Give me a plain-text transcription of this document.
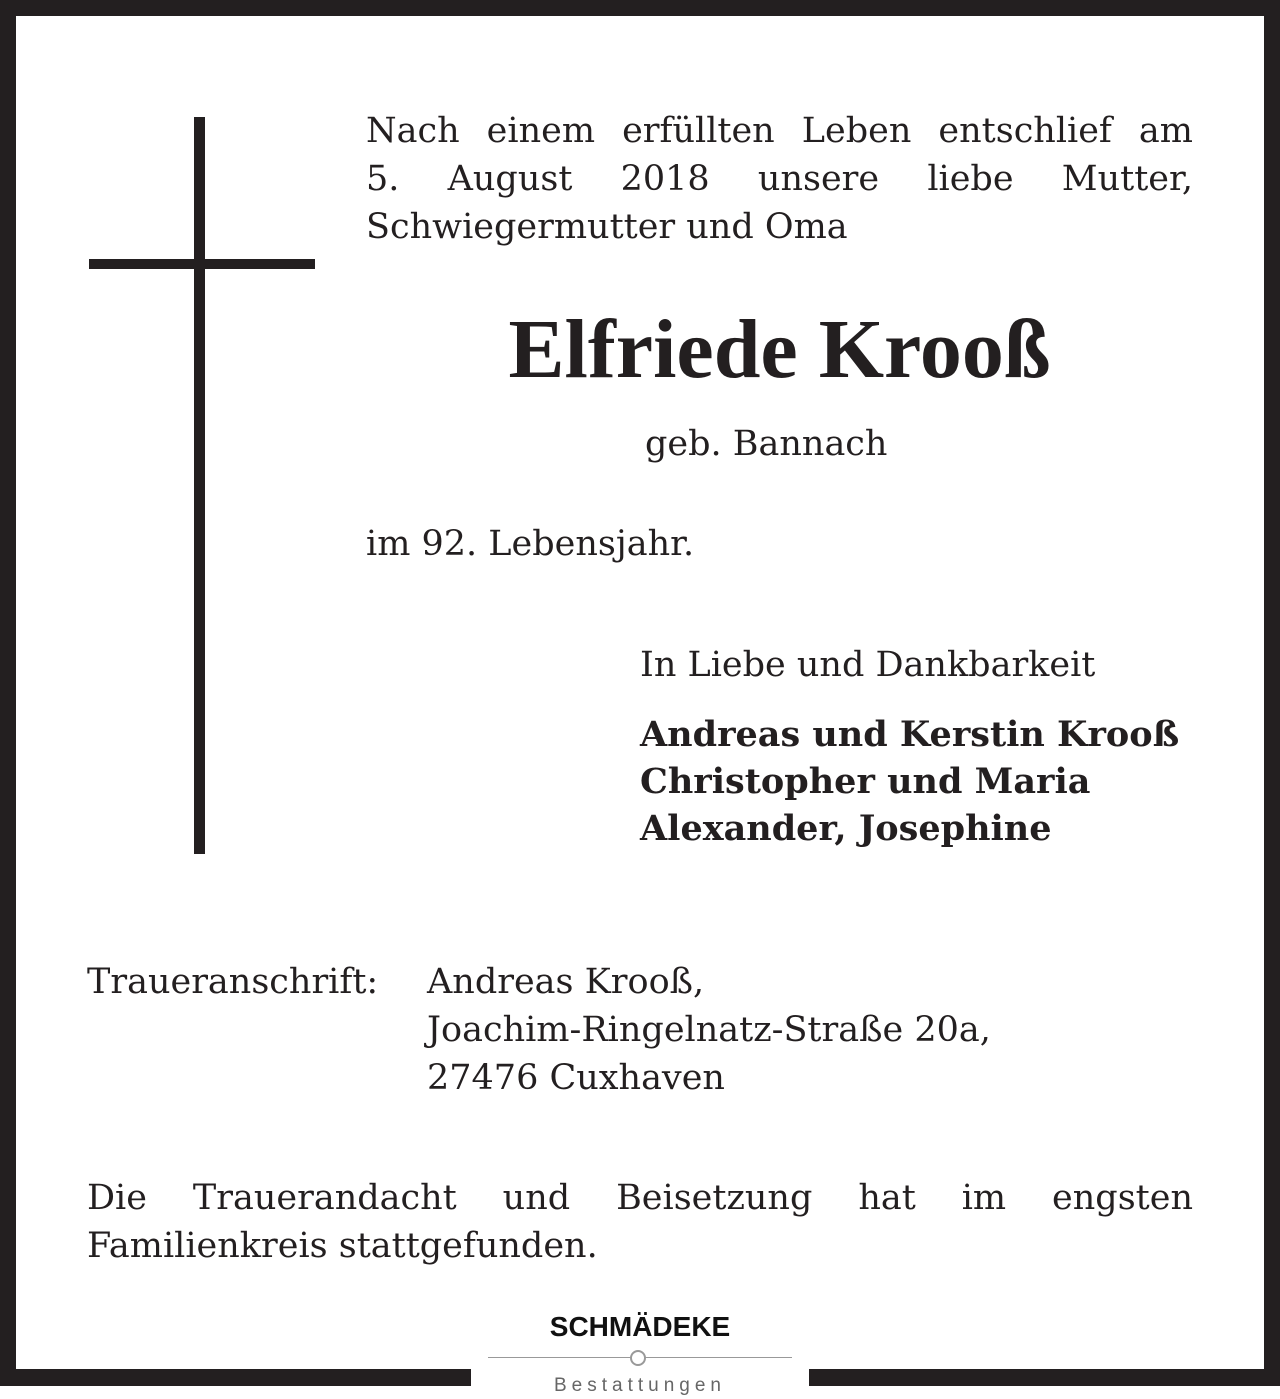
Nach einem erfüllten Leben entschlief am
5. August 2018 unsere liebe Mutter,
Schwiegermutter und Oma
Elfriede Krooß
geb. Bannach
im 92. Lebensjahr.
In Liebe und Dankbarkeit
Andreas und Kerstin Krooß
Christopher und Maria
Alexander, Josephine
Traueranschrift: Andreas Krooß,
Joachim-Ringelnatz-Straße 20a,
27476 Cuxhaven
Die Trauerandacht und Beisetzung hat im engsten
Familienkreis stattgefunden.
SCHMÄDEKE
Bestattungen
